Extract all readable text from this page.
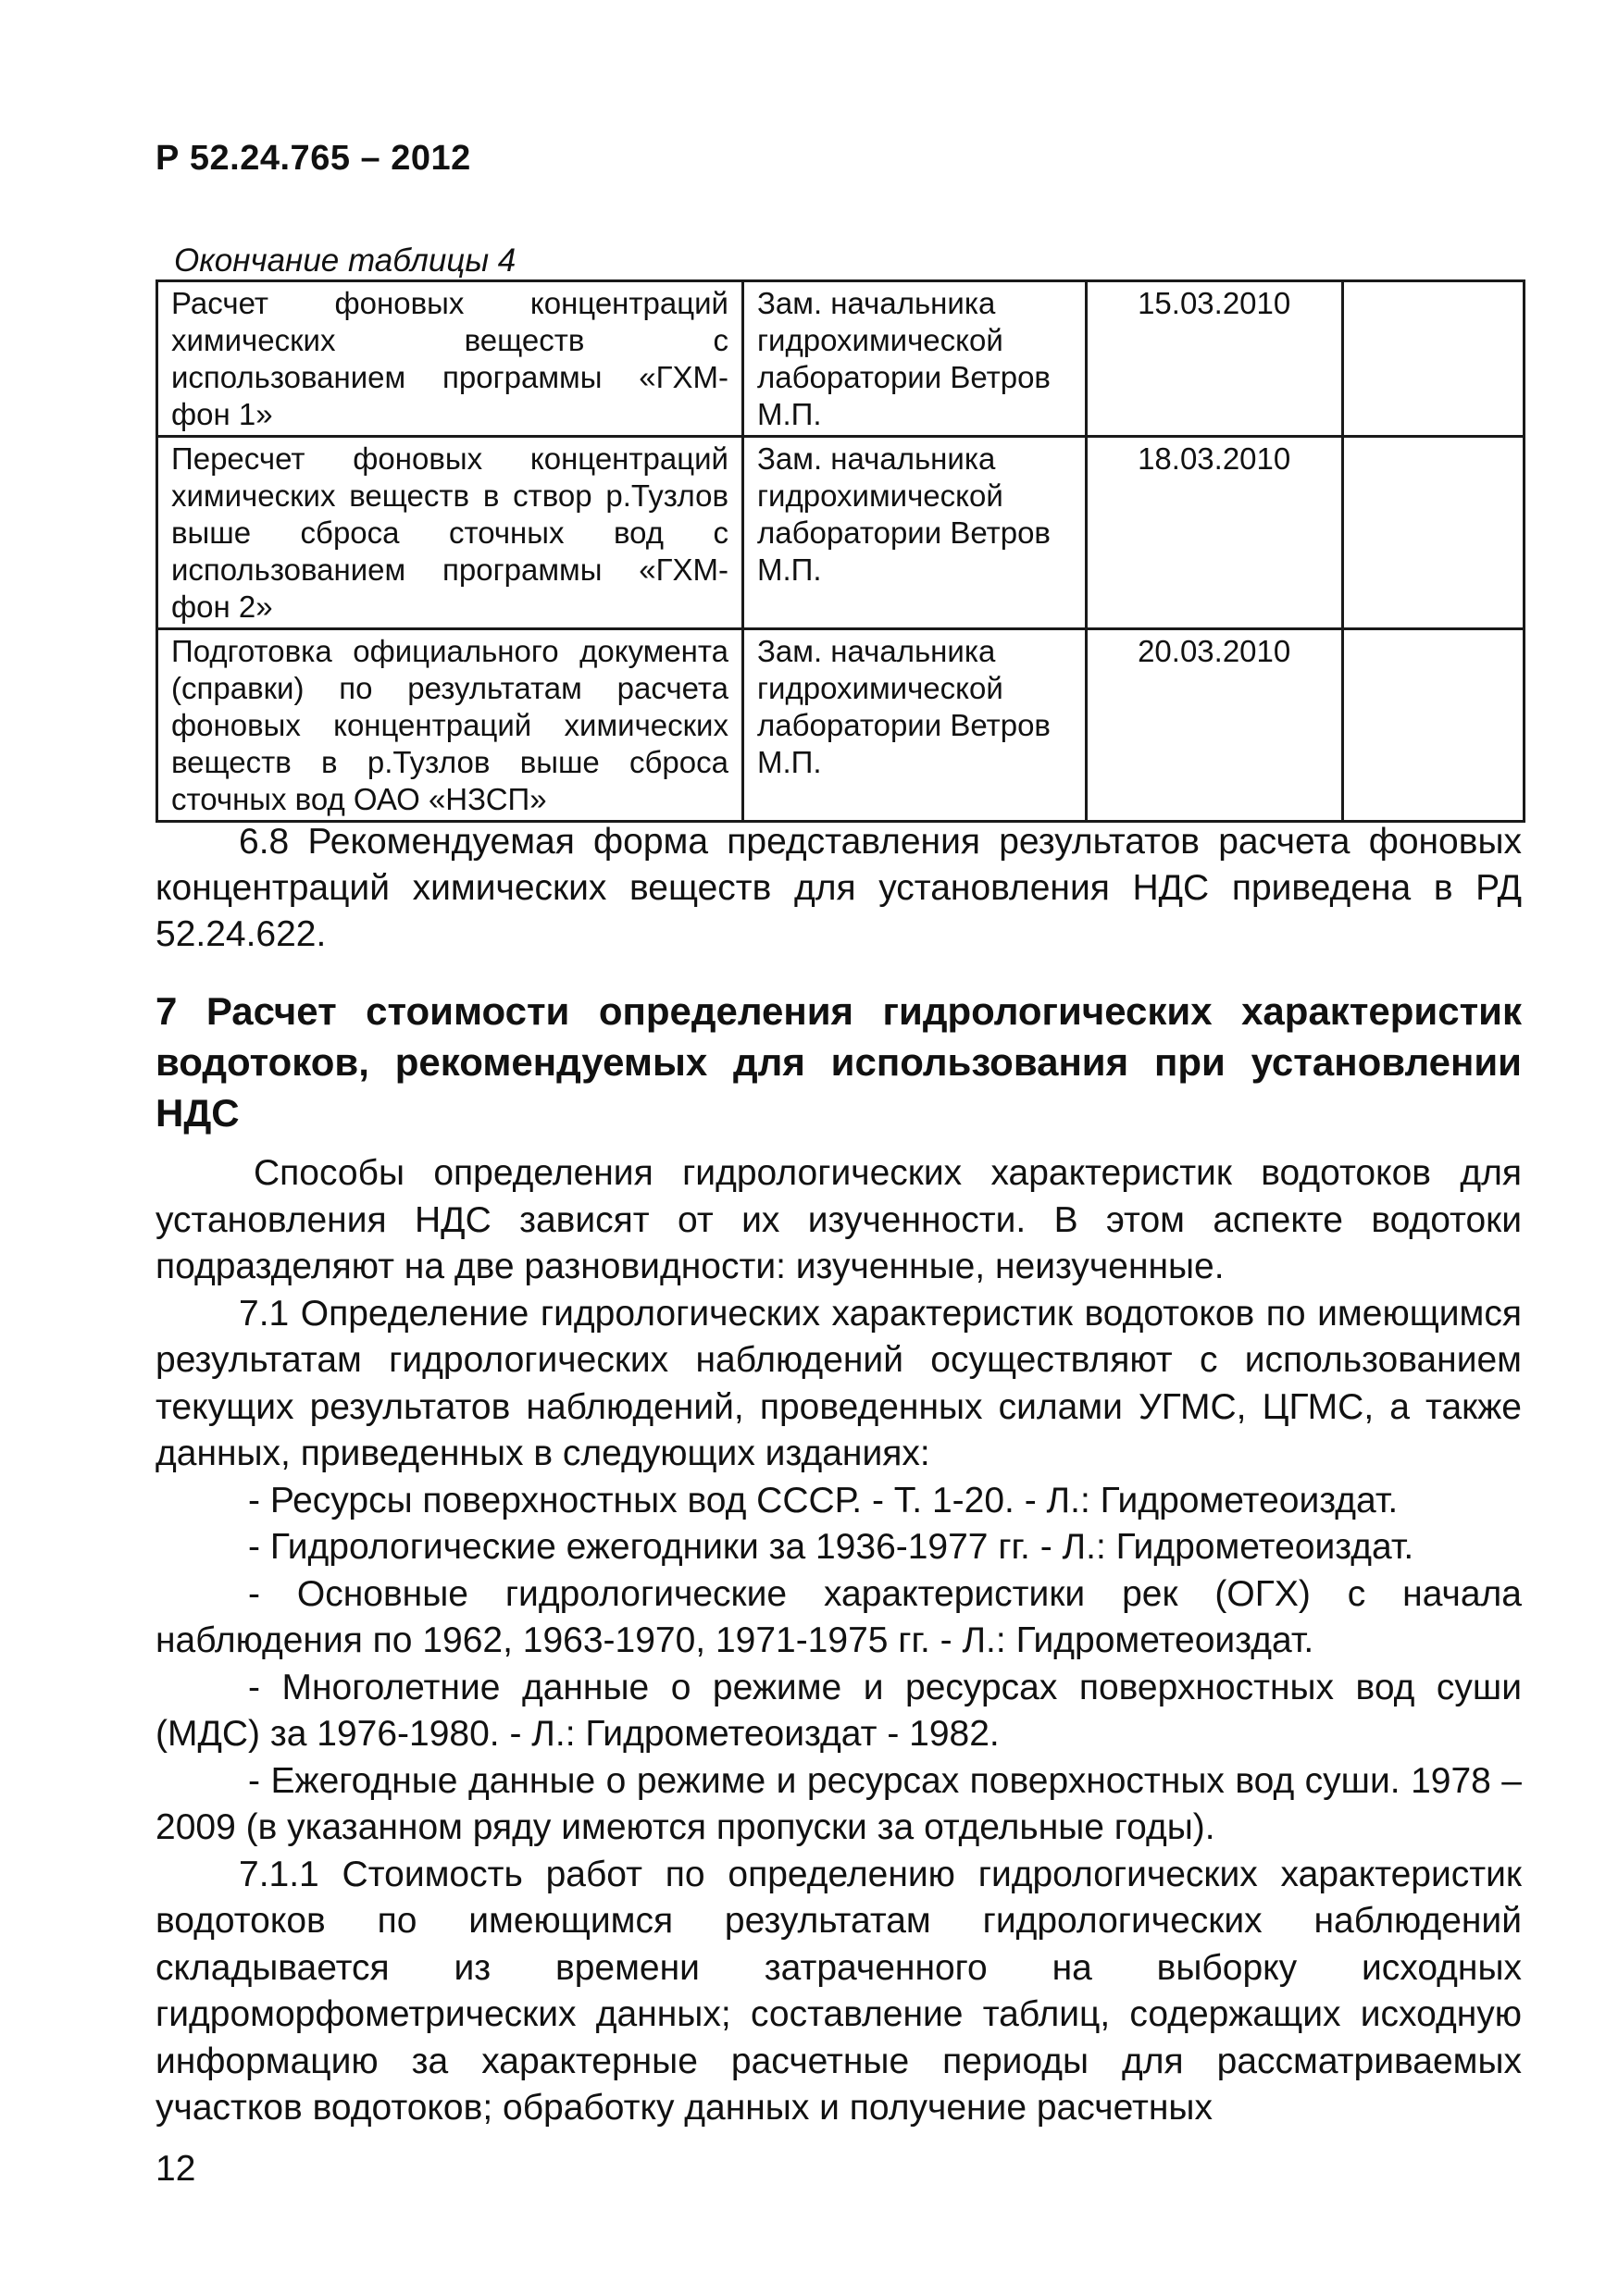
Р 52.24.765 – 2012
Окончание таблицы 4
Расчет фоновых концентраций химических веществ с использованием программы «ГХМ-фон 1»	Зам. начальника гидрохимической лаборатории Ветров М.П.	15.03.2010	
Пересчет фоновых концентраций химических веществ в створ р.Тузлов выше сброса сточных вод с использованием программы «ГХМ-фон 2»	Зам. начальника гидрохимической лаборатории Ветров М.П.	18.03.2010	
Подготовка официального документа (справки) по результатам расчета фоновых концентраций химических веществ в р.Тузлов выше сброса сточных вод ОАО «НЗСП»	Зам. начальника гидрохимической лаборатории Ветров М.П.	20.03.2010	
6.8 Рекомендуемая форма представления результатов расчета фоновых концентраций химических веществ для установления НДС приведена в РД 52.24.622.
7 Расчет стоимости определения гидрологических характеристик водотоков, рекомендуемых для использования при установлении НДС

Способы определения гидрологических характеристик водотоков для установления НДС зависят от их изученности. В этом аспекте водотоки подразделяют на две разновидности: изученные, неизученные.

7.1 Определение гидрологических характеристик водотоков по имеющимся результатам гидрологических наблюдений осуществляют с использованием текущих результатов наблюдений, проведенных силами УГМС, ЦГМС, а также данных, приведенных в следующих изданиях:

- Ресурсы поверхностных вод СССР. - Т. 1-20. - Л.: Гидрометеоиздат.

- Гидрологические ежегодники за 1936-1977 гг. - Л.: Гидрометеоиздат.

- Основные гидрологические характеристики рек (ОГХ) с начала наблюдения по 1962, 1963-1970, 1971-1975 гг. - Л.: Гидрометеоиздат.

- Многолетние данные о режиме и ресурсах поверхностных вод суши (МДС) за 1976-1980. - Л.: Гидрометеоиздат - 1982.

- Ежегодные данные о режиме и ресурсах поверхностных вод суши. 1978 – 2009 (в указанном ряду имеются пропуски за отдельные годы).

7.1.1 Стоимость работ по определению гидрологических характеристик водотоков по имеющимся результатам гидрологических наблюдений складывается из времени затраченного на выборку исходных гидроморфометрических данных; составление таблиц, содержащих исходную информацию за характерные расчетные периоды для рассматриваемых участков водотоков; обработку данных и получение расчетных

12
